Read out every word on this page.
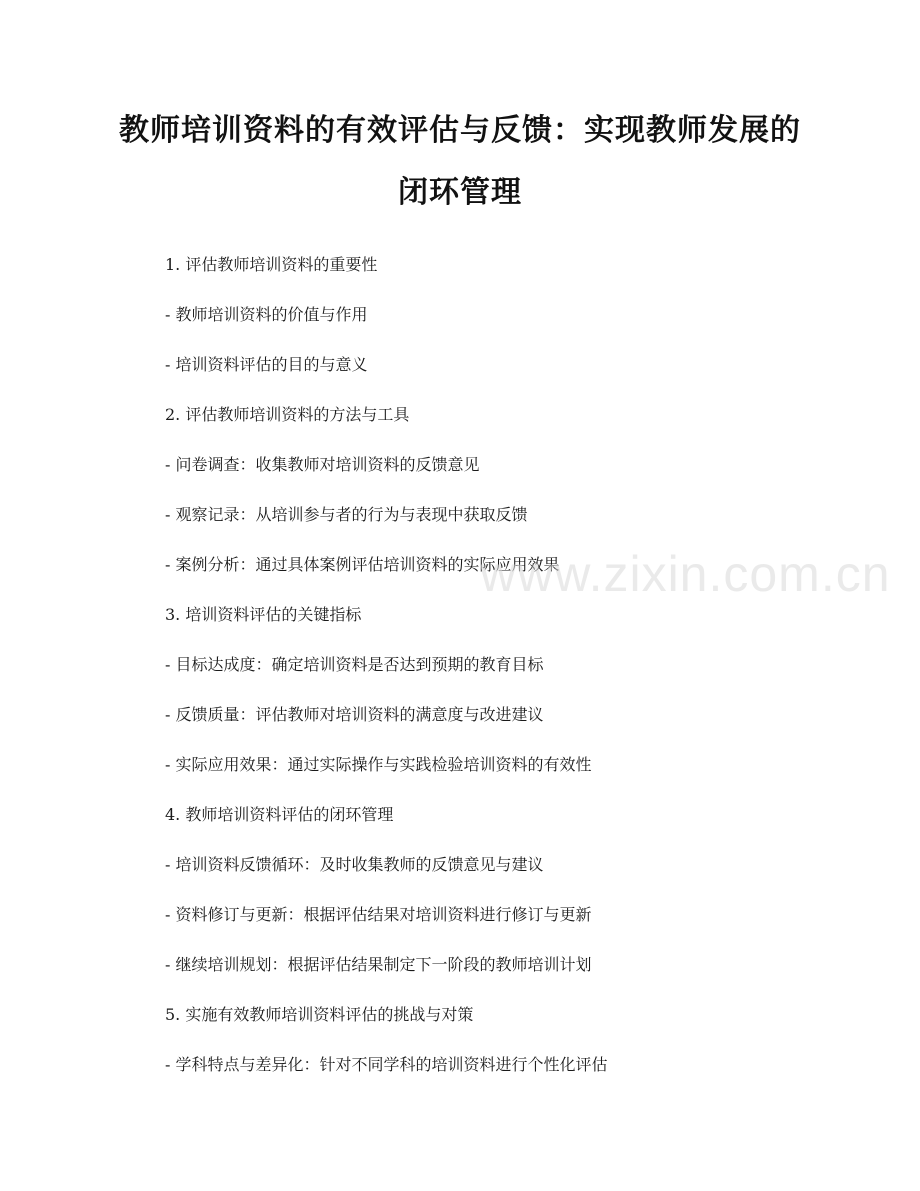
教师培训资料的有效评估与反馈：实现教师发展的闭环管理
1. 评估教师培训资料的重要性
- 教师培训资料的价值与作用
- 培训资料评估的目的与意义
2. 评估教师培训资料的方法与工具
- 问卷调查：收集教师对培训资料的反馈意见
- 观察记录：从培训参与者的行为与表现中获取反馈
- 案例分析：通过具体案例评估培训资料的实际应用效果
3. 培训资料评估的关键指标
- 目标达成度：确定培训资料是否达到预期的教育目标
- 反馈质量：评估教师对培训资料的满意度与改进建议
- 实际应用效果：通过实际操作与实践检验培训资料的有效性
4. 教师培训资料评估的闭环管理
- 培训资料反馈循环：及时收集教师的反馈意见与建议
- 资料修订与更新：根据评估结果对培训资料进行修订与更新
- 继续培训规划：根据评估结果制定下一阶段的教师培训计划
5. 实施有效教师培训资料评估的挑战与对策
- 学科特点与差异化：针对不同学科的培训资料进行个性化评估
www.zixin.com.cn
